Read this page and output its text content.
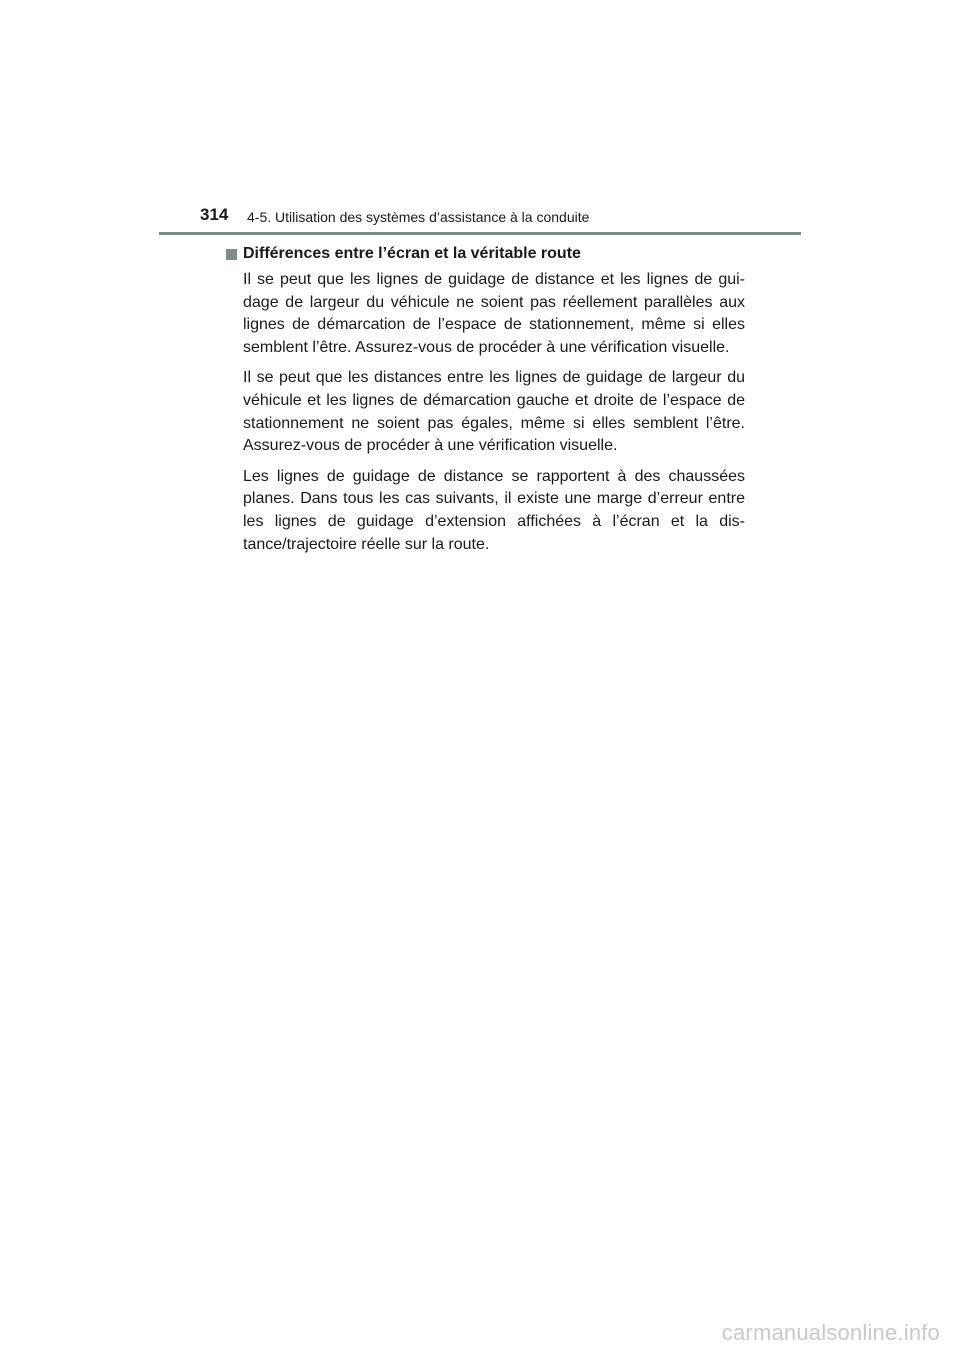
314 4-5. Utilisation des systèmes d’assistance à la conduite
Différences entre l’écran et la véritable route

Il se peut que les lignes de guidage de distance et les lignes de gui-dage de largeur du véhicule ne soient pas réellement parallèles aux lignes de démarcation de l’espace de stationnement, même si elles semblent l’être. Assurez-vous de procéder à une vérification visuelle.

Il se peut que les distances entre les lignes de guidage de largeur du véhicule et les lignes de démarcation gauche et droite de l’espace de stationnement ne soient pas égales, même si elles semblent l’être. Assurez-vous de procéder à une vérification visuelle.

Les lignes de guidage de distance se rapportent à des chaussées planes. Dans tous les cas suivants, il existe une marge d’erreur entre les lignes de guidage d’extension affichées à l’écran et la dis-tance/trajectoire réelle sur la route.

carmanualsonline.info
